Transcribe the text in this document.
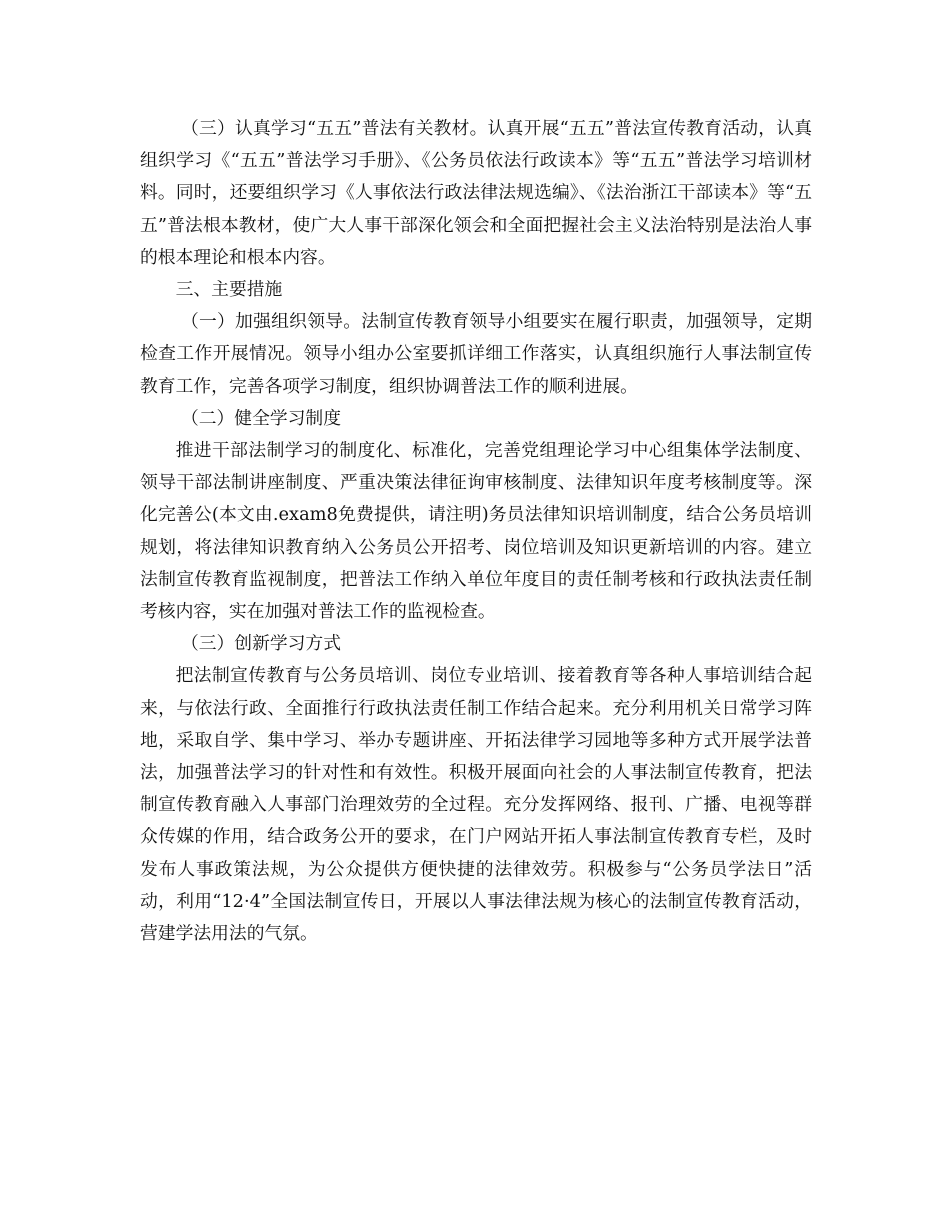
（三）认真学习“五五”普法有关教材。认真开展“五五”普法宣传教育活动，认真组织学习《“五五”普法学习手册》、《公务员依法行政读本》等“五五”普法学习培训材料。同时，还要组织学习《人事依法行政法律法规选编》、《法治浙江干部读本》等“五五”普法根本教材，使广大人事干部深化领会和全面把握社会主义法治特别是法治人事的根本理论和根本内容。

三、主要措施

（一）加强组织领导。法制宣传教育领导小组要实在履行职责，加强领导，定期检查工作开展情况。领导小组办公室要抓详细工作落实，认真组织施行人事法制宣传教育工作，完善各项学习制度，组织协调普法工作的顺利进展。

（二）健全学习制度

推进干部法制学习的制度化、标准化，完善党组理论学习中心组集体学法制度、领导干部法制讲座制度、严重决策法律征询审核制度、法律知识年度考核制度等。深化完善公(本文由.exam8免费提供，请注明)务员法律知识培训制度，结合公务员培训规划，将法律知识教育纳入公务员公开招考、岗位培训及知识更新培训的内容。建立法制宣传教育监视制度，把普法工作纳入单位年度目的责任制考核和行政执法责任制考核内容，实在加强对普法工作的监视检查。

（三）创新学习方式

把法制宣传教育与公务员培训、岗位专业培训、接着教育等各种人事培训结合起来，与依法行政、全面推行行政执法责任制工作结合起来。充分利用机关日常学习阵地，采取自学、集中学习、举办专题讲座、开拓法律学习园地等多种方式开展学法普法，加强普法学习的针对性和有效性。积极开展面向社会的人事法制宣传教育，把法制宣传教育融入人事部门治理效劳的全过程。充分发挥网络、报刊、广播、电视等群众传媒的作用，结合政务公开的要求，在门户网站开拓人事法制宣传教育专栏，及时发布人事政策法规，为公众提供方便快捷的法律效劳。积极参与“公务员学法日”活动，利用“12·4”全国法制宣传日，开展以人事法律法规为核心的法制宣传教育活动，营建学法用法的气氛。
